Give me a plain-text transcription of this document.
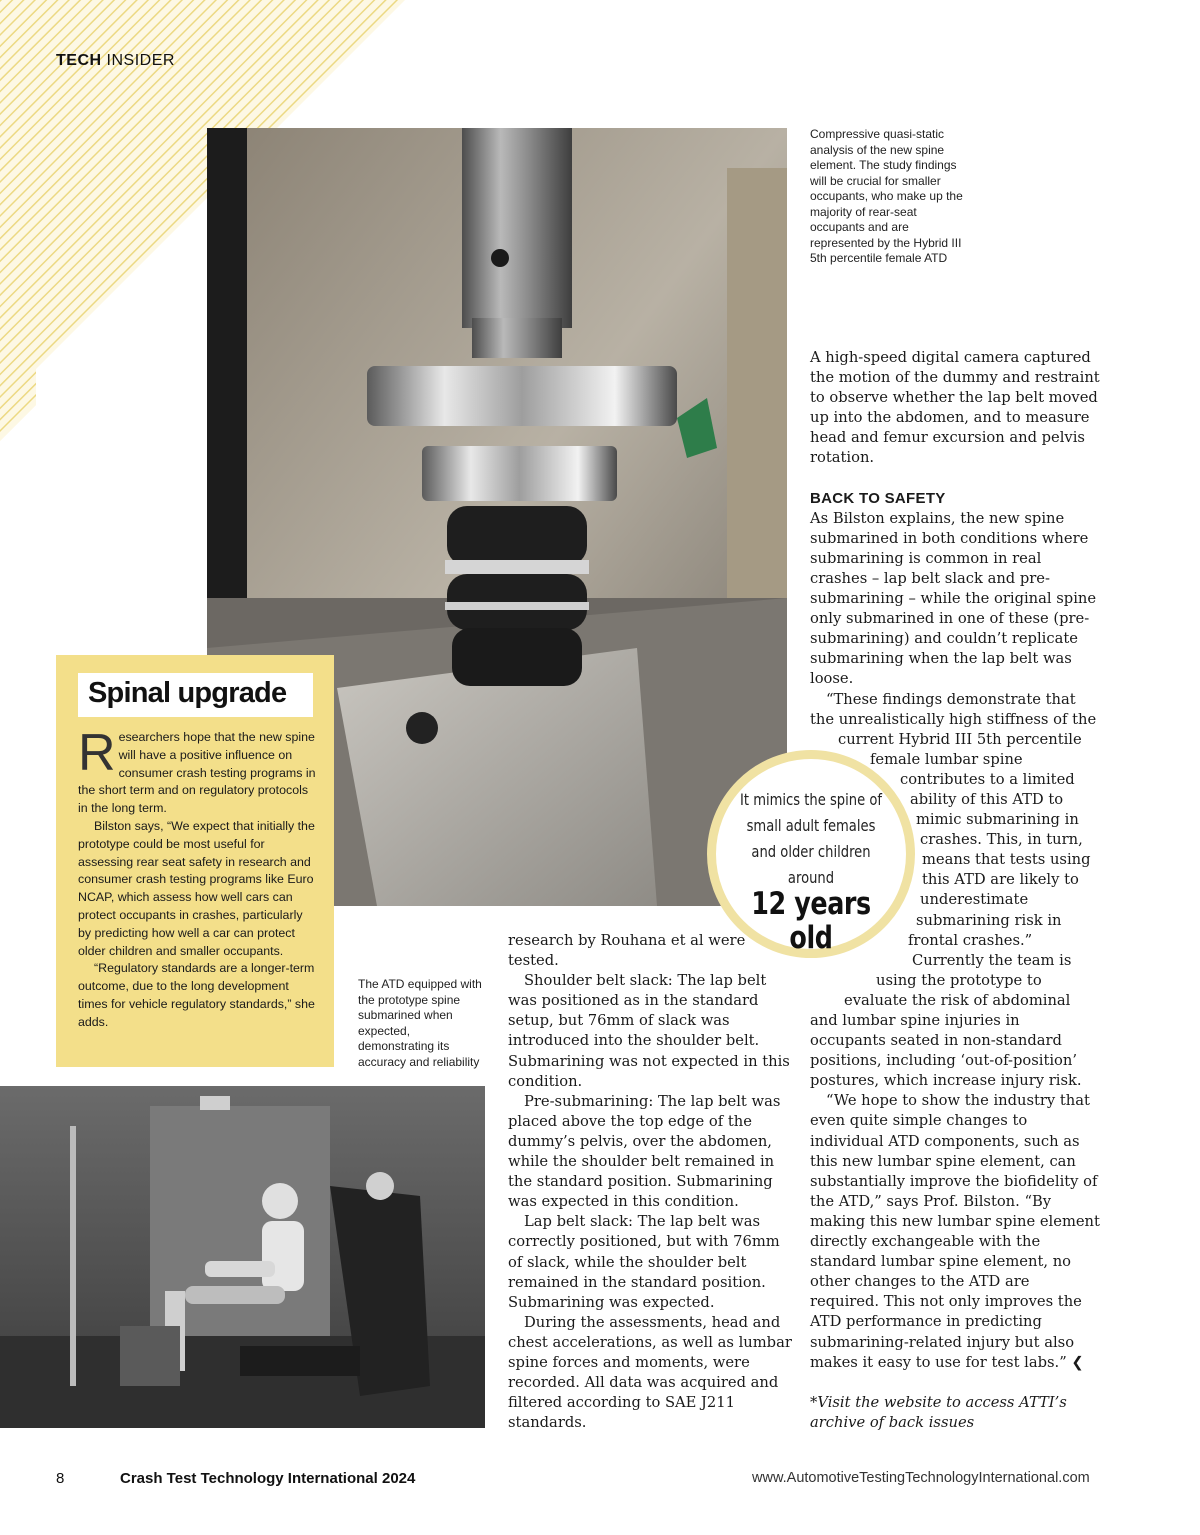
TECH INSIDER
Compressive quasi-static analysis of the new spine element. The study findings will be crucial for smaller occupants, who make up the majority of rear-seat occupants and are represented by the Hybrid III 5th percentile female ATD
The ATD equipped with the prototype spine submarined when expected, demonstrating its accuracy and reliability
Spinal upgrade

Researchers hope that the new spine will have a positive influence on consumer crash testing programs in the short term and on regulatory protocols in the long term.

Bilston says, “We expect that initially the prototype could be most useful for assessing rear seat safety in research and consumer crash testing programs like Euro NCAP, which assess how well cars can protect occupants in crashes, particularly by predicting how well a car can protect older children and smaller occupants.

“Regulatory standards are a longer-term outcome, due to the long development times for vehicle regulatory standards,” she adds.

research by Rouhana et al were tested.

Shoulder belt slack: The lap belt was positioned as in the standard setup, but 76mm of slack was introduced into the shoulder belt. Submarining was not expected in this condition.

Pre-submarining: The lap belt was placed above the top edge of the dummy’s pelvis, over the abdomen, while the shoulder belt remained in the standard position. Submarining was expected in this condition.

Lap belt slack: The lap belt was correctly positioned, but with 76mm of slack, while the shoulder belt remained in the standard position. Submarining was expected.

During the assessments, head and chest accelerations, as well as lumbar spine forces and moments, were recorded. All data was acquired and filtered according to SAE J211 standards.

A high-speed digital camera captured the motion of the dummy and restraint to observe whether the lap belt moved up into the abdomen, and to measure head and femur excursion and pelvis rotation.

BACK TO SAFETY

As Bilston explains, the new spine submarined in both conditions where submarining is common in real crashes – lap belt slack and pre-submarining – while the original spine only submarined in one of these (pre-submarining) and couldn’t replicate submarining when the lap belt was loose.

“These findings demonstrate that the unrealistically high stiffness of the current Hybrid III 5th percentile female lumbar spine contributes to a limited ability of this ATD to mimic submarining in crashes. This, in turn, means that tests using this ATD are likely to underestimate submarining risk in frontal crashes.”

Currently the team is using the prototype to evaluate the risk of abdominal and lumbar spine injuries in occupants seated in non-standard positions, including ‘out-of-position’ postures, which increase injury risk.

“We hope to show the industry that even quite simple changes to individual ATD components, such as this new lumbar spine element, can substantially improve the biofidelity of the ATD,” says Prof. Bilston. “By making this new lumbar spine element directly exchangeable with the standard lumbar spine element, no other changes to the ATD are required. This not only improves the ATD performance in predicting submarining-related injury but also makes it easy to use for test labs.” ❮

*Visit the website to access ATTI’s archive of back issues

It mimics the spine of small adult females and older children around
12 years old
8	Crash Test Technology International 2024	www.AutomotiveTestingTechnologyInternational.com
